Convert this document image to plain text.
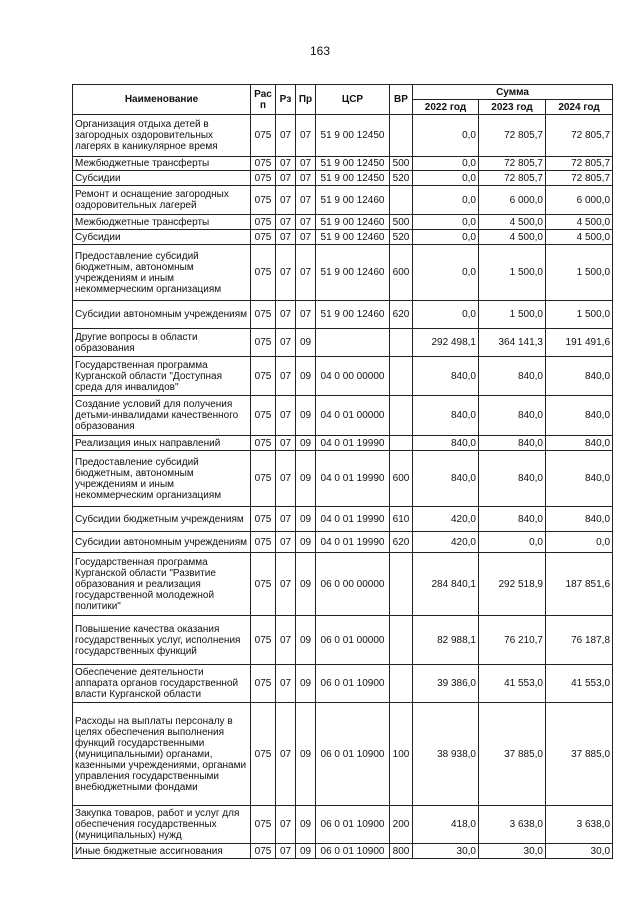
163
Наименование	Рас п	Рз	Пр	ЦСР	ВР	Сумма		
						2022 год	2023 год	2024 год
Организация отдыха детей в загородных оздоровительных лагерях в каникулярное время	075	07	07	51 9 00 12450		0,0	72 805,7	72 805,7
Межбюджетные трансферты	075	07	07	51 9 00 12450	500	0,0	72 805,7	72 805,7
Субсидии	075	07	07	51 9 00 12450	520	0,0	72 805,7	72 805,7
Ремонт и оснащение загородных оздоровительных лагерей	075	07	07	51 9 00 12460		0,0	6 000,0	6 000,0
Межбюджетные трансферты	075	07	07	51 9 00 12460	500	0,0	4 500,0	4 500,0
Субсидии	075	07	07	51 9 00 12460	520	0,0	4 500,0	4 500,0
Предоставление субсидий бюджетным, автономным учреждениям и иным некоммерческим организациям	075	07	07	51 9 00 12460	600	0,0	1 500,0	1 500,0
Субсидии автономным учреждениям	075	07	07	51 9 00 12460	620	0,0	1 500,0	1 500,0
Другие вопросы в области образования	075	07	09			292 498,1	364 141,3	191 491,6
Государственная программа Курганской области "Доступная среда для инвалидов"	075	07	09	04 0 00 00000		840,0	840,0	840,0
Создание условий для получения детьми-инвалидами качественного образования	075	07	09	04 0 01 00000		840,0	840,0	840,0
Реализация иных направлений	075	07	09	04 0 01 19990		840,0	840,0	840,0
Предоставление субсидий бюджетным, автономным учреждениям и иным некоммерческим организациям	075	07	09	04 0 01 19990	600	840,0	840,0	840,0
Субсидии бюджетным учреждениям	075	07	09	04 0 01 19990	610	420,0	840,0	840,0
Субсидии автономным учреждениям	075	07	09	04 0 01 19990	620	420,0	0,0	0,0
Государственная программа Курганской области "Развитие образования и реализация государственной молодежной политики"	075	07	09	06 0 00 00000		284 840,1	292 518,9	187 851,6
Повышение качества оказания государственных услуг, исполнения государственных функций	075	07	09	06 0 01 00000		82 988,1	76 210,7	76 187,8
Обеспечение деятельности аппарата органов государственной власти Курганской области	075	07	09	06 0 01 10900		39 386,0	41 553,0	41 553,0
Расходы на выплаты персоналу в целях обеспечения выполнения функций государственными (муниципальными) органами, казенными учреждениями, органами управления государственными внебюджетными фондами	075	07	09	06 0 01 10900	100	38 938,0	37 885,0	37 885,0
Закупка товаров, работ и услуг для обеспечения государственных (муниципальных) нужд	075	07	09	06 0 01 10900	200	418,0	3 638,0	3 638,0
Иные бюджетные ассигнования	075	07	09	06 0 01 10900	800	30,0	30,0	30,0
